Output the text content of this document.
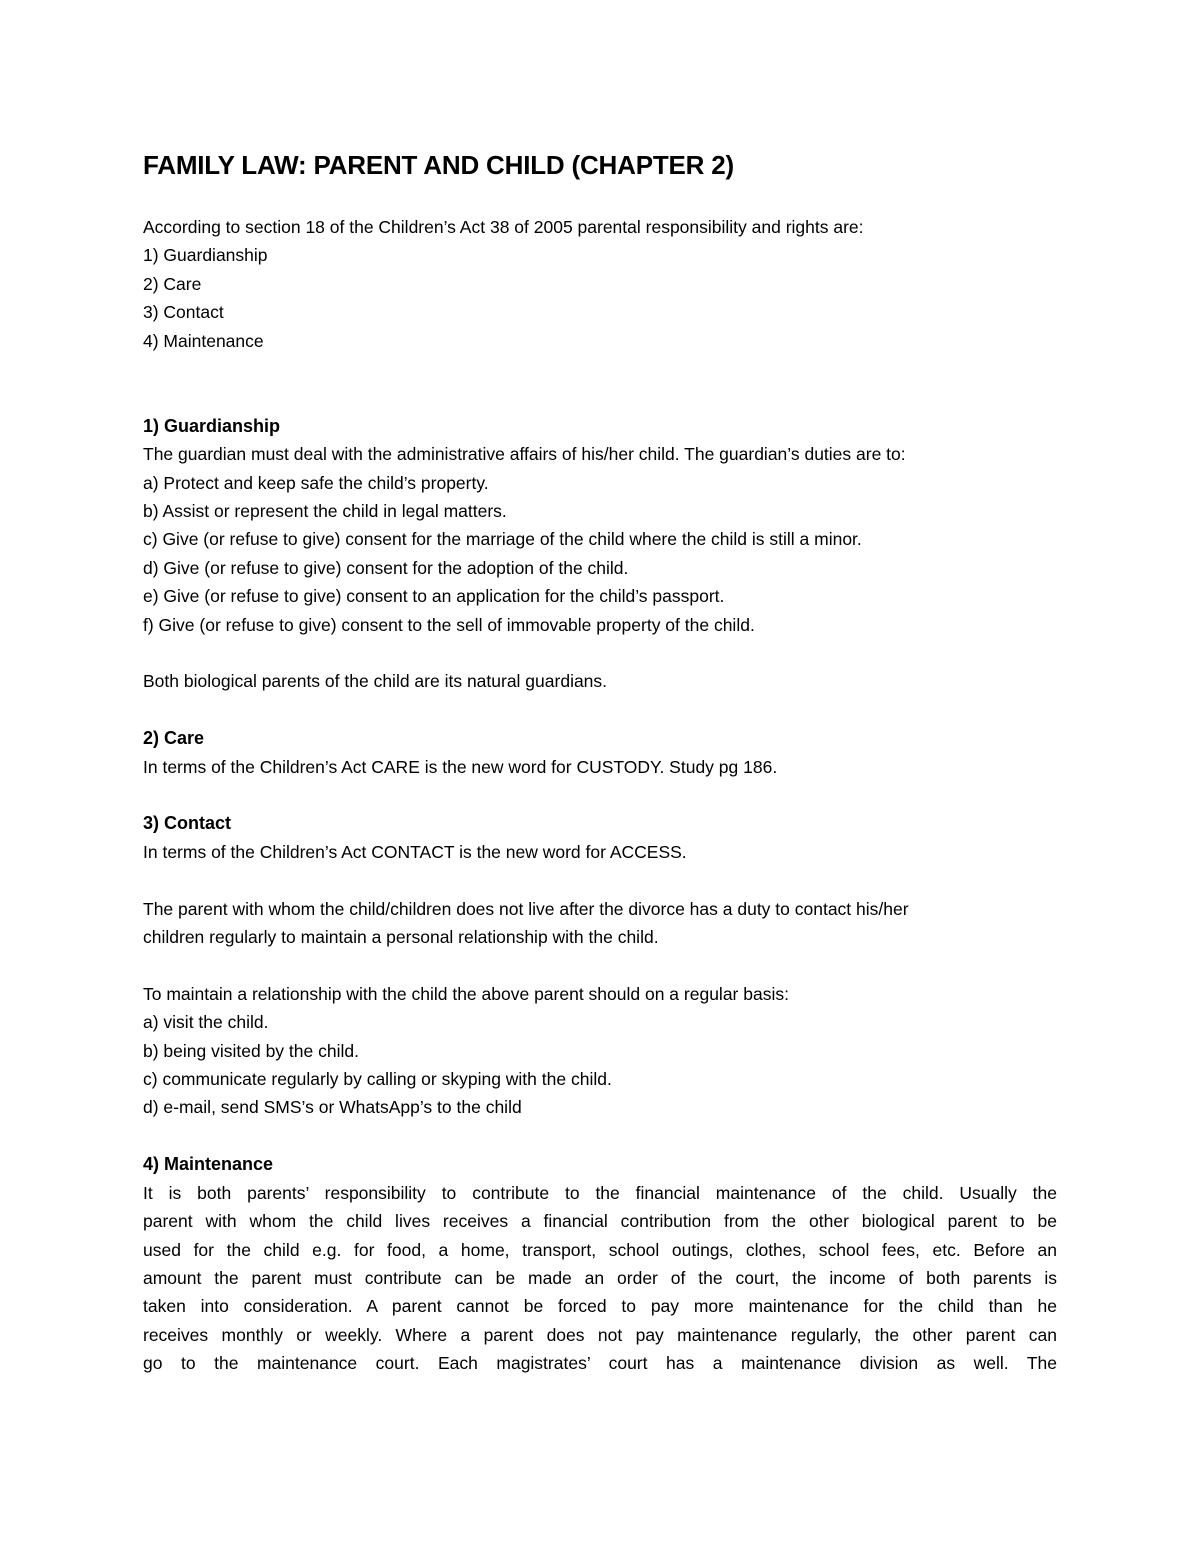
FAMILY LAW: PARENT AND CHILD (CHAPTER 2)

According to section 18 of the Children’s Act 38 of 2005 parental responsibility and rights are:

1) Guardianship

2) Care

3) Contact

4) Maintenance

1) Guardianship

The guardian must deal with the administrative affairs of his/her child. The guardian’s duties are to:

a) Protect and keep safe the child’s property.

b) Assist or represent the child in legal matters.

c) Give (or refuse to give) consent for the marriage of the child where the child is still a minor.

d) Give (or refuse to give) consent for the adoption of the child.

e) Give (or refuse to give) consent to an application for the child’s passport.

f) Give (or refuse to give) consent to the sell of immovable property of the child.

Both biological parents of the child are its natural guardians.

2) Care

In terms of the Children’s Act CARE is the new word for CUSTODY. Study pg 186.

3) Contact

In terms of the Children’s Act CONTACT is the new word for ACCESS.

The parent with whom the child/children does not live after the divorce has a duty to contact his/her

children regularly to maintain a personal relationship with the child.

To maintain a relationship with the child the above parent should on a regular basis:

a) visit the child.

b) being visited by the child.

c) communicate regularly by calling or skyping with the child.

d) e-mail, send SMS’s or WhatsApp’s to the child

4) Maintenance

It is both parents’ responsibility to contribute to the financial maintenance of the child. Usually the

parent with whom the child lives receives a financial contribution from the other biological parent to be

used for the child e.g. for food, a home, transport, school outings, clothes, school fees, etc. Before an

amount the parent must contribute can be made an order of the court, the income of both parents is

taken into consideration. A parent cannot be forced to pay more maintenance for the child than he

receives monthly or weekly. Where a parent does not pay maintenance regularly, the other parent can

go to the maintenance court. Each magistrates’ court has a maintenance division as well. The
